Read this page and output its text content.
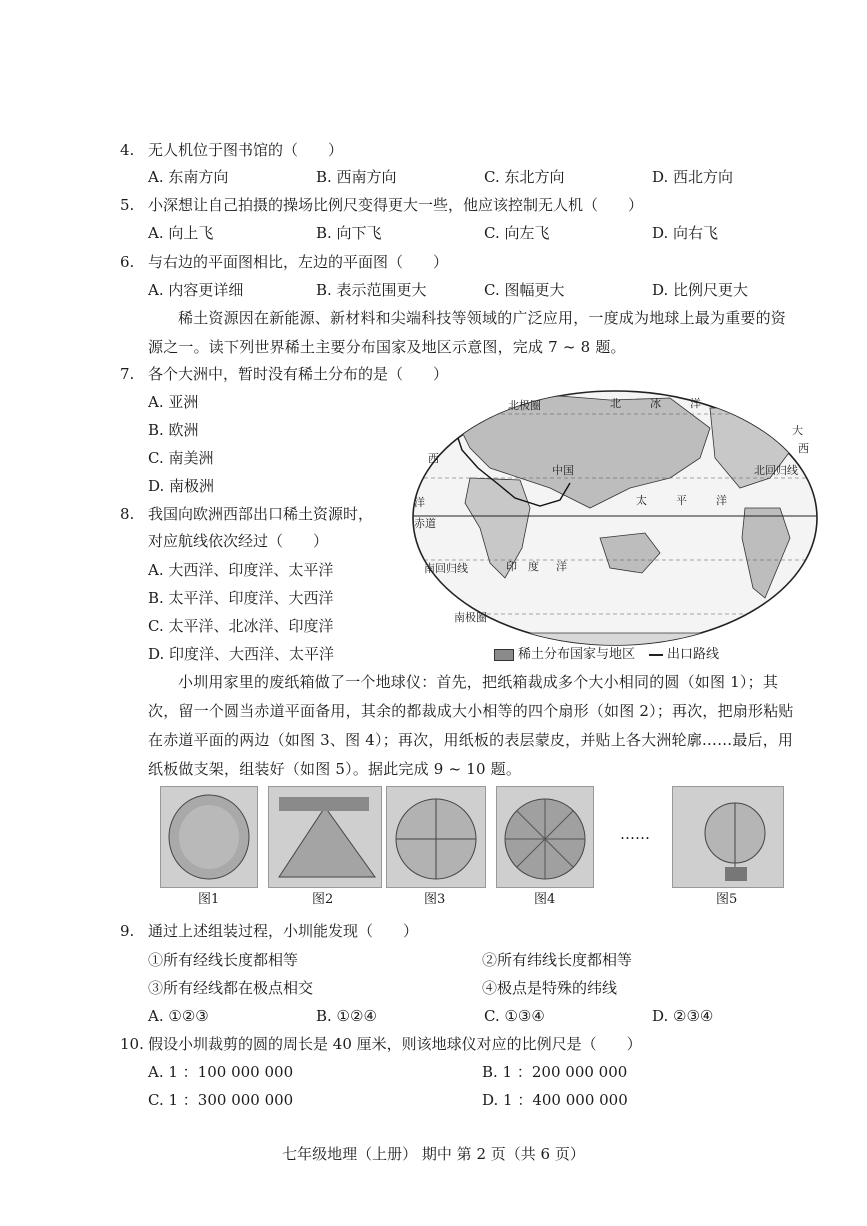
4. 无人机位于图书馆的（　　）
A. 东南方向	B. 西南方向	C. 东北方向	D. 西北方向
5. 小深想让自己拍摄的操场比例尺变得更大一些，他应该控制无人机（　　）
A. 向上飞	B. 向下飞	C. 向左飞	D. 向右飞
6. 与右边的平面图相比，左边的平面图（　　）
A. 内容更详细	B. 表示范围更大	C. 图幅更大	D. 比例尺更大
稀土资源因在新能源、新材料和尖端科技等领域的广泛应用，一度成为地球上最为重要的资源之一。读下列世界稀土主要分布国家及地区示意图，完成 7 ~ 8 题。
7. 各个大洲中，暂时没有稀土分布的是（　　）
A. 亚洲
B. 欧洲
C. 南美洲
D. 南极洲
8. 我国向欧洲西部出口稀土资源时，
对应航线依次经过（　　）
A. 大西洋、印度洋、太平洋
B. 太平洋、印度洋、大西洋
C. 太平洋、北冰洋、印度洋
D. 印度洋、大西洋、太平洋
北极圈	北	冰	洋
中国	北回归线
太	平	洋
赤道
南回归线	印 度 洋
南极圈
西
洋
大
西
稀土分布国家与地区 出口路线
小圳用家里的废纸箱做了一个地球仪：首先，把纸箱裁成多个大小相同的圆（如图 1）；其次，留一个圆当赤道平面备用，其余的都裁成大小相等的四个扇形（如图 2）；再次，把扇形粘贴在赤道平面的两边（如图 3、图 4）；再次，用纸板的表层蒙皮，并贴上各大洲轮廓……最后，用纸板做支架，组装好（如图 5）。据此完成 9 ~ 10 题。
……
图1	图2	图3	图4	图5
9. 通过上述组装过程，小圳能发现（　　）
①所有经线长度都相等	②所有纬线长度都相等
③所有经线都在极点相交	④极点是特殊的纬线
A. ①②③	B. ①②④	C. ①③④	D. ②③④
10. 假设小圳裁剪的圆的周长是 40 厘米，则该地球仪对应的比例尺是（　　）
A. 1 ：100 000 000	B. 1 ：200 000 000
C. 1 ：300 000 000	D. 1 ：400 000 000
七年级地理（上册） 期中 第 2 页（共 6 页）
